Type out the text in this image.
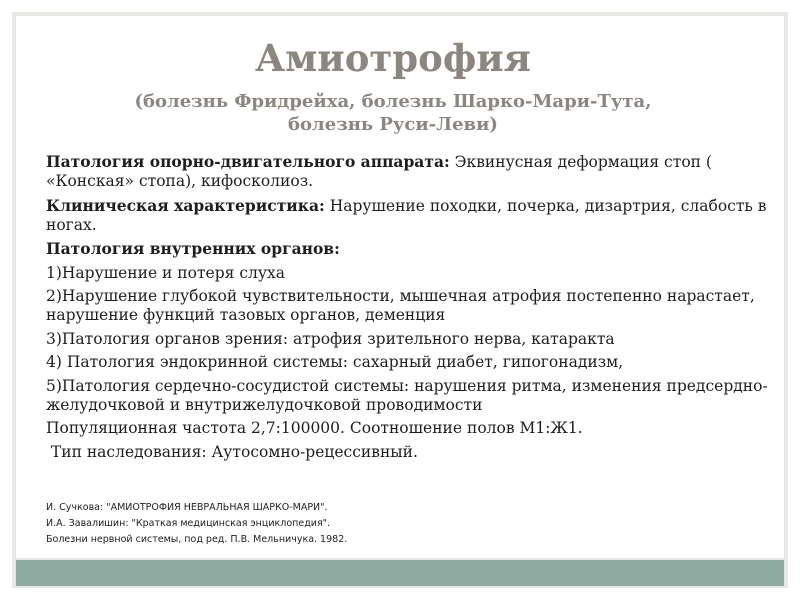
Амиотрофия
(болезнь Фридрейха, болезнь Шарко-Мари-Тута,
болезнь Руси-Леви)

Патология опорно-двигательного аппарата: Эквинусная деформация стоп ( «Конская» стопа), кифосколиоз.

Клиническая характеристика: Нарушение походки, почерка, дизартрия, слабость в ногах.

Патология внутренних органов:

1)Нарушение и потеря слуха

2)Нарушение глубокой чувствительности, мышечная атрофия постепенно нарастает, нарушение функций тазовых органов, деменция

3)Патология органов зрения: атрофия зрительного нерва, катаракта

4) Патология эндокринной системы: сахарный диабет, гипогонадизм,

5)Патология сердечно-сосудистой системы: нарушения ритма, изменения предсердно-желудочковой и внутрижелудочковой проводимости

Популяционная частота 2,7:100000. Соотношение полов М1:Ж1.

Тип наследования: Аутосомно-рецессивный.

И. Сучкова: "АМИОТРОФИЯ НЕВРАЛЬНАЯ ШАРКО-МАРИ".
И.А. Завалишин: "Краткая медицинская энциклопедия".
Болезни нервной системы, под ред. П.В. Мельничука. 1982.
